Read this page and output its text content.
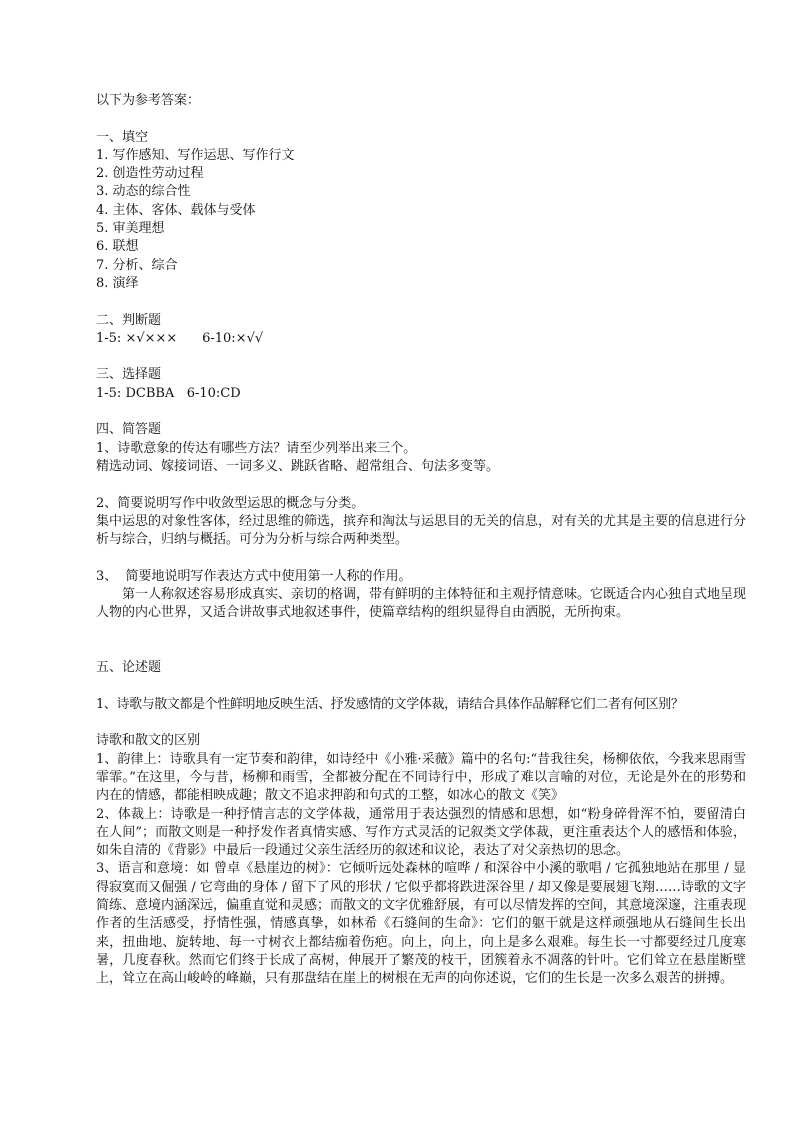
以下为参考答案：

一、填空

1. 写作感知、写作运思、写作行文

2. 创造性劳动过程

3. 动态的综合性

4. 主体、客体、载体与受体

5. 审美理想

6. 联想

7. 分析、综合

8. 演绎

二、判断题

1-5: ×√×××      6-10:×√√

三、选择题

1-5: DCBBA   6-10:CD

四、简答题

1、诗歌意象的传达有哪些方法？请至少列举出来三个。

精选动词、嫁接词语、一词多义、跳跃省略、超常组合、句法多变等。

2、简要说明写作中收敛型运思的概念与分类。

集中运思的对象性客体，经过思维的筛选，摈弃和淘汰与运思目的无关的信息，对有关的尤其是主要的信息进行分析与综合，归纳与概括。可分为分析与综合两种类型。

3、  简要地说明写作表达方式中使用第一人称的作用。

第一人称叙述容易形成真实、亲切的格调，带有鲜明的主体特征和主观抒情意味。它既适合内心独自式地呈现人物的内心世界，又适合讲故事式地叙述事件，使篇章结构的组织显得自由洒脱，无所拘束。

五、论述题

1、诗歌与散文都是个性鲜明地反映生活、抒发感情的文学体裁，请结合具体作品解释它们二者有何区别？

诗歌和散文的区别

1、韵律上：诗歌具有一定节奏和韵律，如诗经中《小雅·采薇》篇中的名句:“昔我往矣，杨柳依依，今我来思雨雪霏霏。”在这里，今与昔，杨柳和雨雪，全都被分配在不同诗行中，形成了难以言喻的对位，无论是外在的形势和内在的情感，都能相映成趣；散文不追求押韵和句式的工整，如冰心的散文《笑》

2、体裁上：诗歌是一种抒情言志的文学体裁，通常用于表达强烈的情感和思想，如“粉身碎骨浑不怕，要留清白在人间”；而散文则是一种抒发作者真情实感、写作方式灵活的记叙类文学体裁，更注重表达个人的感悟和体验，如朱自清的《背影》中最后一段通过父亲生活经历的叙述和议论，表达了对父亲热切的思念。

3、语言和意境：如 曾卓《悬崖边的树》：它倾听远处森林的喧哗 / 和深谷中小溪的歌唱 / 它孤独地站在那里 / 显得寂寞而又倔强 / 它弯曲的身体 / 留下了风的形状 / 它似乎都将跌进深谷里 / 却又像是要展翅飞翔……诗歌的文字简练、意境内涵深远，偏重直觉和灵感；而散文的文字优雅舒展，有可以尽情发挥的空间，其意境深邃，注重表现作者的生活感受，抒情性强，情感真挚，如林希《石缝间的生命》：它们的躯干就是这样顽强地从石缝间生长出来，扭曲地、旋转地、每一寸树衣上都结痂着伤疤。向上，向上，向上是多么艰难。每生长一寸都要经过几度寒暑，几度春秋。然而它们终于长成了高树，伸展开了繁茂的枝干，团簇着永不凋落的针叶。它们耸立在悬崖断壁上，耸立在高山峻岭的峰巅，只有那盘结在崖上的树根在无声的向你述说，它们的生长是一次多么艰苦的拼搏。
